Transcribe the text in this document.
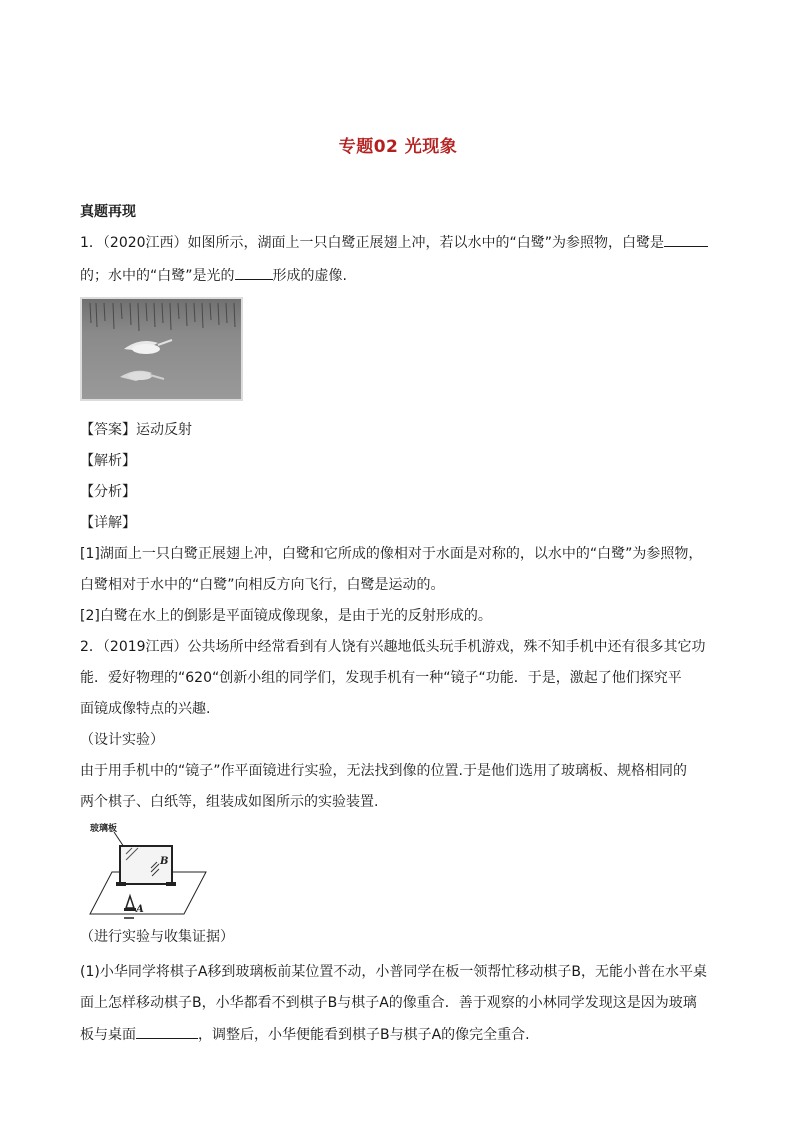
专题02 光现象
真题再现
1．（2020江西）如图所示，湖面上一只白鹭正展翅上冲，若以水中的“白鹭”为参照物，白鹭是
的；水中的“白鹭”是光的	形成的虚像.
【答案】运动反射
【解析】
【分析】
【详解】
[1]湖面上一只白鹭正展翅上冲，白鹭和它所成的像相对于水面是对称的，以水中的“白鹭”为参照物，
白鹭相对于水中的“白鹭”向相反方向飞行，白鹭是运动的。
[2]白鹭在水上的倒影是平面镜成像现象，是由于光的反射形成的。
2．（2019江西）公共场所中经常看到有人饶有兴趣地低头玩手机游戏，殊不知手机中还有很多其它功
能．爱好物理的“620“创新小组的同学们，发现手机有一种“镜子“功能．于是，激起了他们探究平
面镜成像特点的兴趣.
（设计实验）
由于用手机中的“镜子”作平面镜进行实验，无法找到像的位置.于是他们选用了玻璃板、规格相同的
两个棋子、白纸等，组装成如图所示的实验装置.
（进行实验与收集证据）
(1)小华同学将棋子A移到玻璃板前某位置不动，小普同学在板一领帮忙移动棋子B，无能小普在水平桌
面上怎样移动棋子B，小华都看不到棋子B与棋子A的像重合．善于观察的小林同学发现这是因为玻璃
板与桌面	，调整后，小华便能看到棋子B与棋子A的像完全重合.
玻璃板
B
A
